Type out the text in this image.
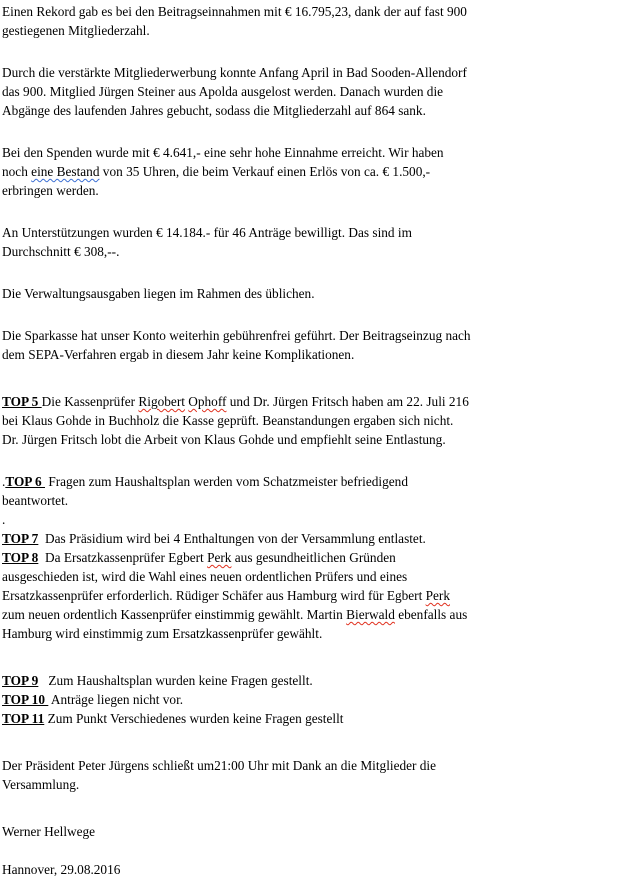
Einen Rekord gab es bei den Beitragseinnahmen mit € 16.795,23, dank der auf fast 900
gestiegenen Mitgliederzahl.
Durch die verstärkte Mitgliederwerbung konnte Anfang April in Bad Sooden-Allendorf
das 900. Mitglied Jürgen Steiner aus Apolda ausgelost werden. Danach wurden die
Abgänge des laufenden Jahres gebucht, sodass die Mitgliederzahl auf 864 sank.
Bei den Spenden wurde mit € 4.641,- eine sehr hohe Einnahme erreicht. Wir haben
noch eine Bestand von 35 Uhren, die beim Verkauf einen Erlös von ca. € 1.500,-
erbringen werden.
An Unterstützungen wurden € 14.184.- für 46 Anträge bewilligt. Das sind im
Durchschnitt € 308,--.
Die Verwaltungsausgaben liegen im Rahmen des üblichen.
Die Sparkasse hat unser Konto weiterhin gebührenfrei geführt. Der Beitragseinzug nach
dem SEPA-Verfahren ergab in diesem Jahr keine Komplikationen.
TOP 5 Die Kassenprüfer Rigobert Ophoff und Dr. Jürgen Fritsch haben am 22. Juli 216
bei Klaus Gohde in Buchholz die Kasse geprüft. Beanstandungen ergaben sich nicht.
Dr. Jürgen Fritsch lobt die Arbeit von Klaus Gohde und empfiehlt seine Entlastung.
.TOP 6  Fragen zum Haushaltsplan werden vom Schatzmeister befriedigend
beantwortet.
.
TOP 7  Das Präsidium wird bei 4 Enthaltungen von der Versammlung entlastet.
TOP 8  Da Ersatzkassenprüfer Egbert Perk aus gesundheitlichen Gründen
ausgeschieden ist, wird die Wahl eines neuen ordentlichen Prüfers und eines
Ersatzkassenprüfer erforderlich. Rüdiger Schäfer aus Hamburg wird für Egbert Perk
zum neuen ordentlich Kassenprüfer einstimmig gewählt. Martin Bierwald ebenfalls aus
Hamburg wird einstimmig zum Ersatzkassenprüfer gewählt.
TOP 9   Zum Haushaltsplan wurden keine Fragen gestellt.
TOP 10  Anträge liegen nicht vor.
TOP 11 Zum Punkt Verschiedenes wurden keine Fragen gestellt
Der Präsident Peter Jürgens schließt um21:00 Uhr mit Dank an die Mitglieder die
Versammlung.
Werner Hellwege
Hannover, 29.08.2016
